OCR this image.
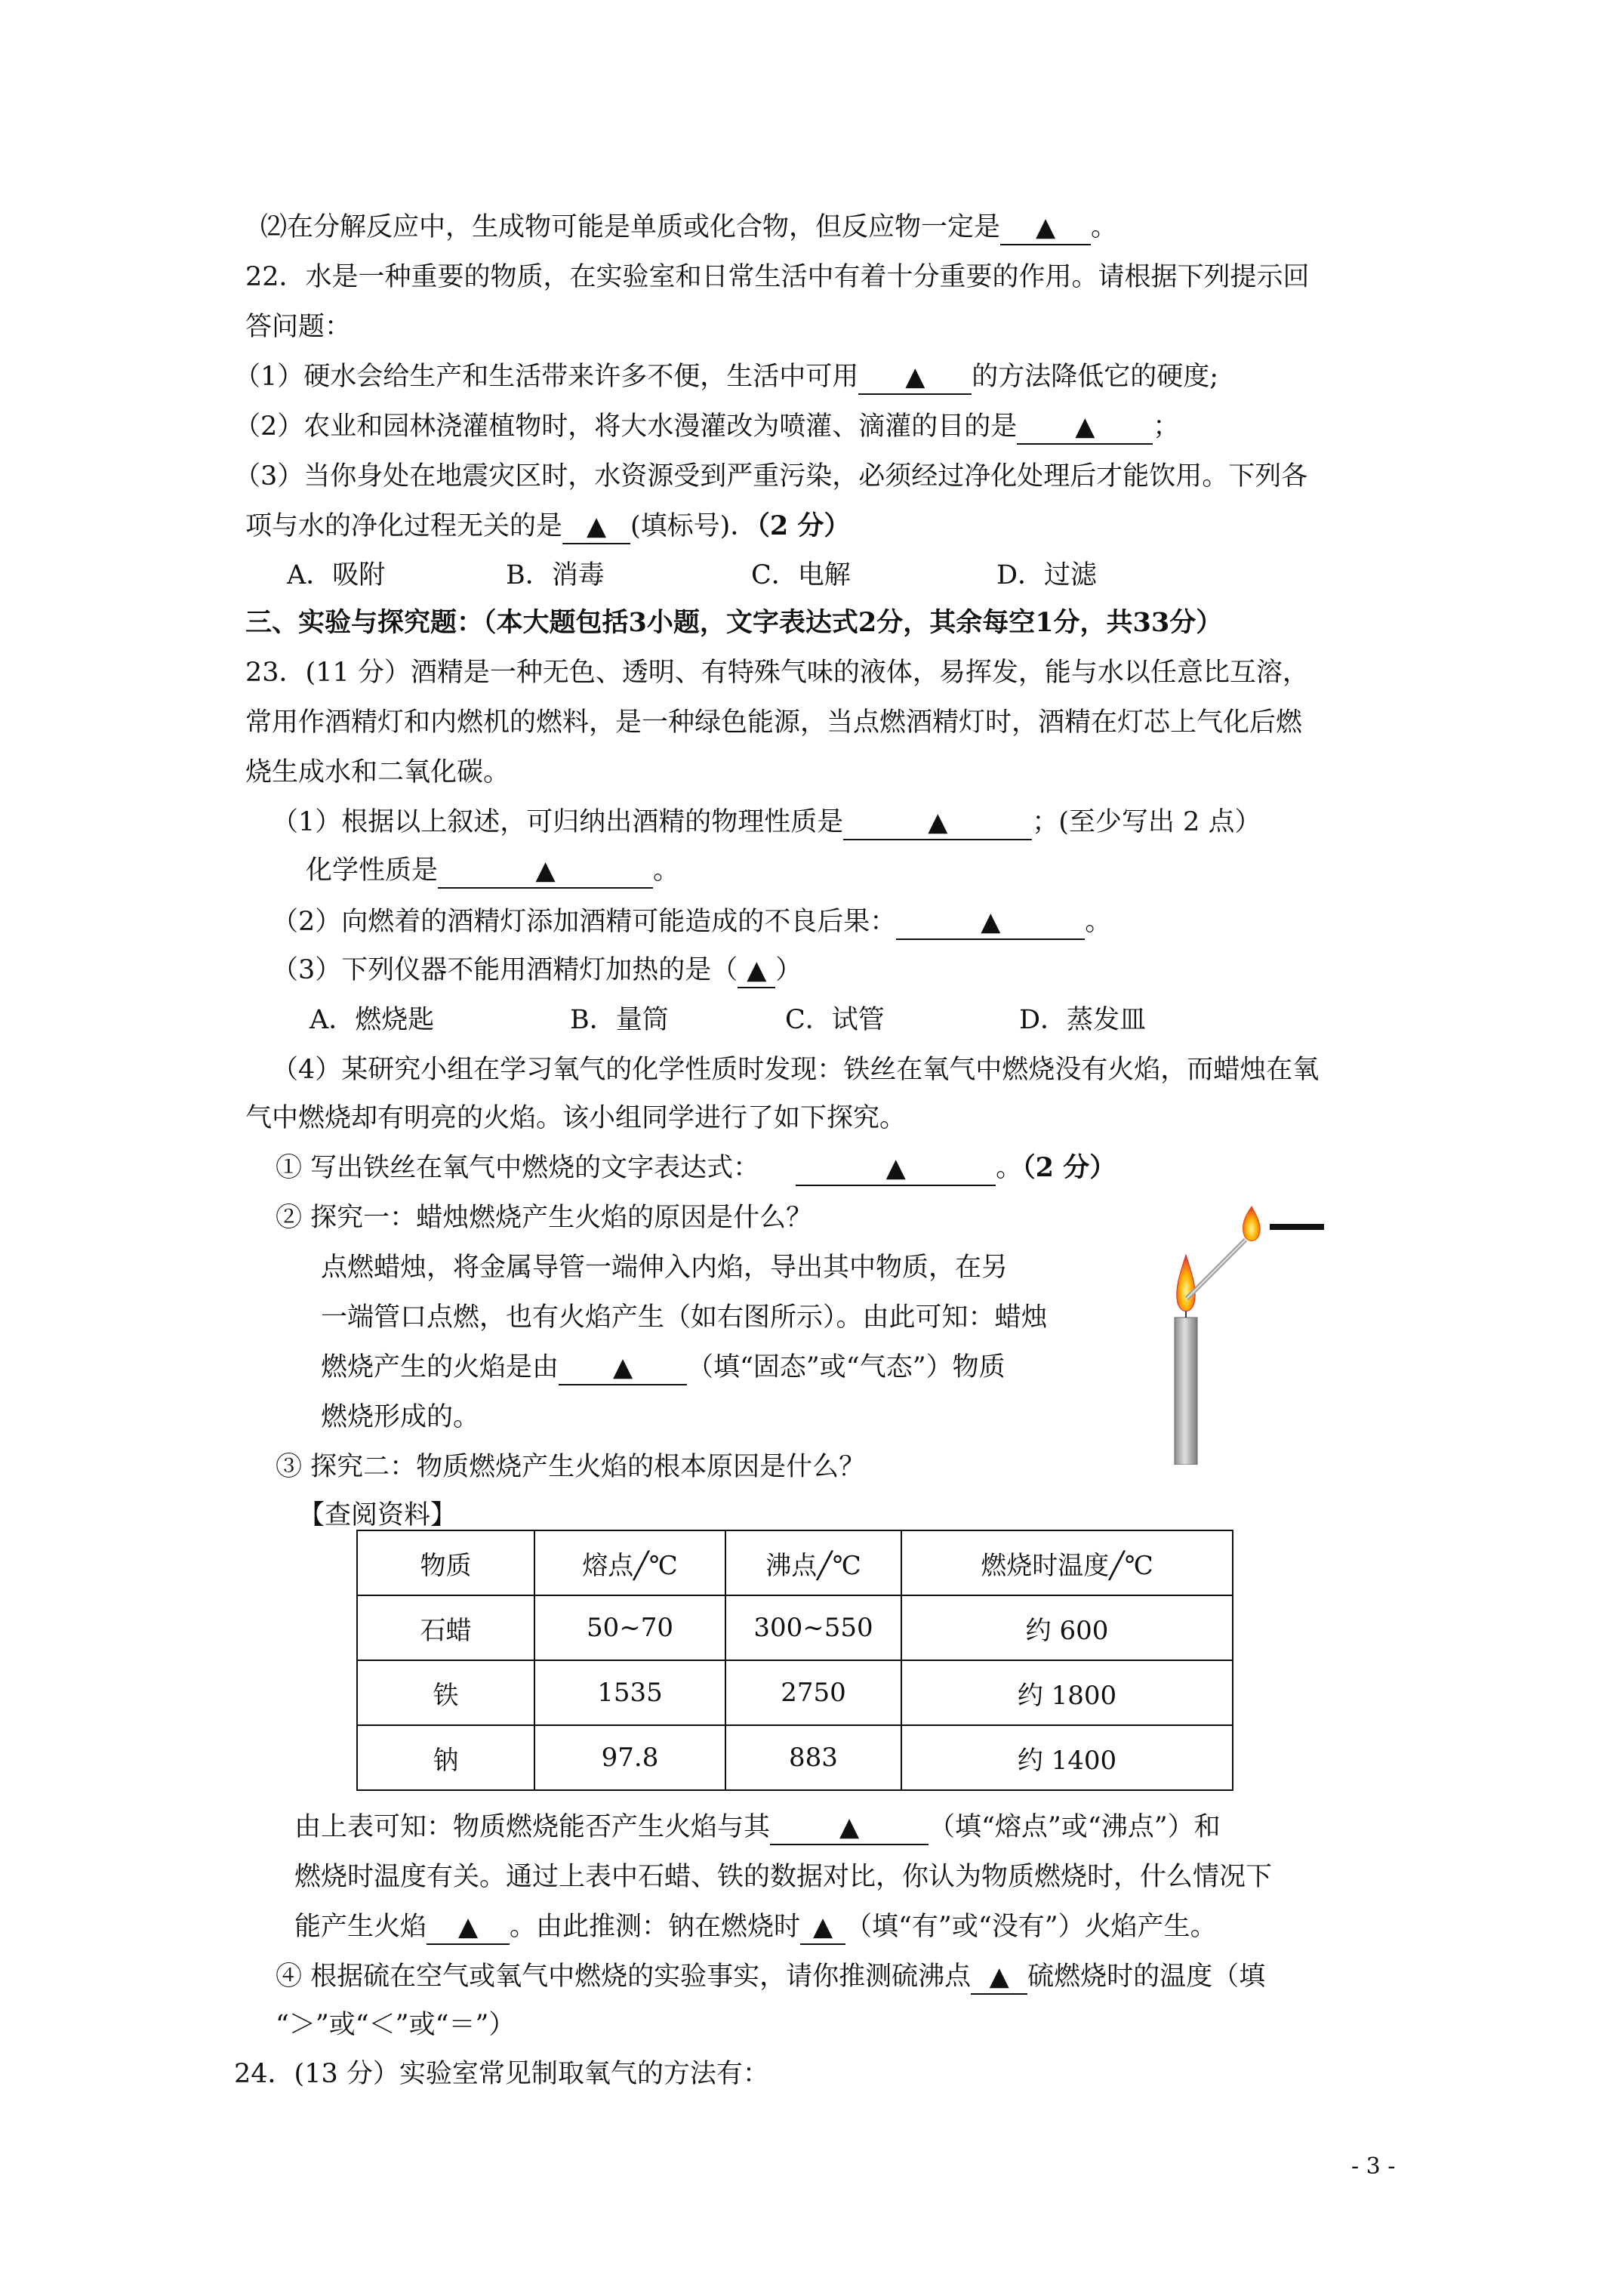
⑵在分解反应中，生成物可能是单质或化合物，但反应物一定是 ▲ 。
22．水是一种重要的物质，在实验室和日常生活中有着十分重要的作用。请根据下列提示回
答问题：
（1）硬水会给生产和生活带来许多不便，生活中可用 ▲ 的方法降低它的硬度;
（2）农业和园林浇灌植物时，将大水漫灌改为喷灌、滴灌的目的是 ▲ ；
（3）当你身处在地震灾区时，水资源受到严重污染，必须经过净化处理后才能饮用。下列各
项与水的净化过程无关的是 ▲ (填标号)．（2 分）
A．吸附	B．消毒	C．电解	D．过滤
三、实验与探究题：（本大题包括3小题，文字表达式2分，其余每空1分，共33分）
23．(11 分）酒精是一种无色、透明、有特殊气味的液体，易挥发，能与水以任意比互溶，
常用作酒精灯和内燃机的燃料，是一种绿色能源，当点燃酒精灯时，酒精在灯芯上气化后燃
烧生成水和二氧化碳。
（1）根据以上叙述，可归纳出酒精的物理性质是	▲	；(至少写出 2 点）
化学性质是	▲	。
（2）向燃着的酒精灯添加酒精可能造成的不良后果：	▲	。
（3）下列仪器不能用酒精灯加热的是（ ▲ ）
A．燃烧匙	B．量筒	C．试管	D．蒸发皿
（4）某研究小组在学习氧气的化学性质时发现：铁丝在氧气中燃烧没有火焰，而蜡烛在氧
气中燃烧却有明亮的火焰。该小组同学进行了如下探究。
① 写出铁丝在氧气中燃烧的文字表达式：	▲	。（2 分）
② 探究一：蜡烛燃烧产生火焰的原因是什么？
点燃蜡烛，将金属导管一端伸入内焰，导出其中物质，在另
一端管口点燃，也有火焰产生（如右图所示）。由此可知：蜡烛
燃烧产生的火焰是由 ▲ （填“固态”或“气态”）物质
燃烧形成的。
③ 探究二：物质燃烧产生火焰的根本原因是什么？
【查阅资料】
物质	熔点╱℃	沸点╱℃	燃烧时温度╱℃
石蜡	50~70	300~550	约 600
铁	1535	2750	约 1800
钠	97.8	883	约 1400
由上表可知：物质燃烧能否产生火焰与其	▲	（填“熔点”或“沸点”）和
燃烧时温度有关。通过上表中石蜡、铁的数据对比，你认为物质燃烧时，什么情况下
能产生火焰 ▲ 。由此推测：钠在燃烧时 ▲ （填“有”或“没有”）火焰产生。
④ 根据硫在空气或氧气中燃烧的实验事实，请你推测硫沸点 ▲ 硫燃烧时的温度（填
“＞”或“＜”或“＝”）
24．(13 分）实验室常见制取氧气的方法有：
- 3 -
